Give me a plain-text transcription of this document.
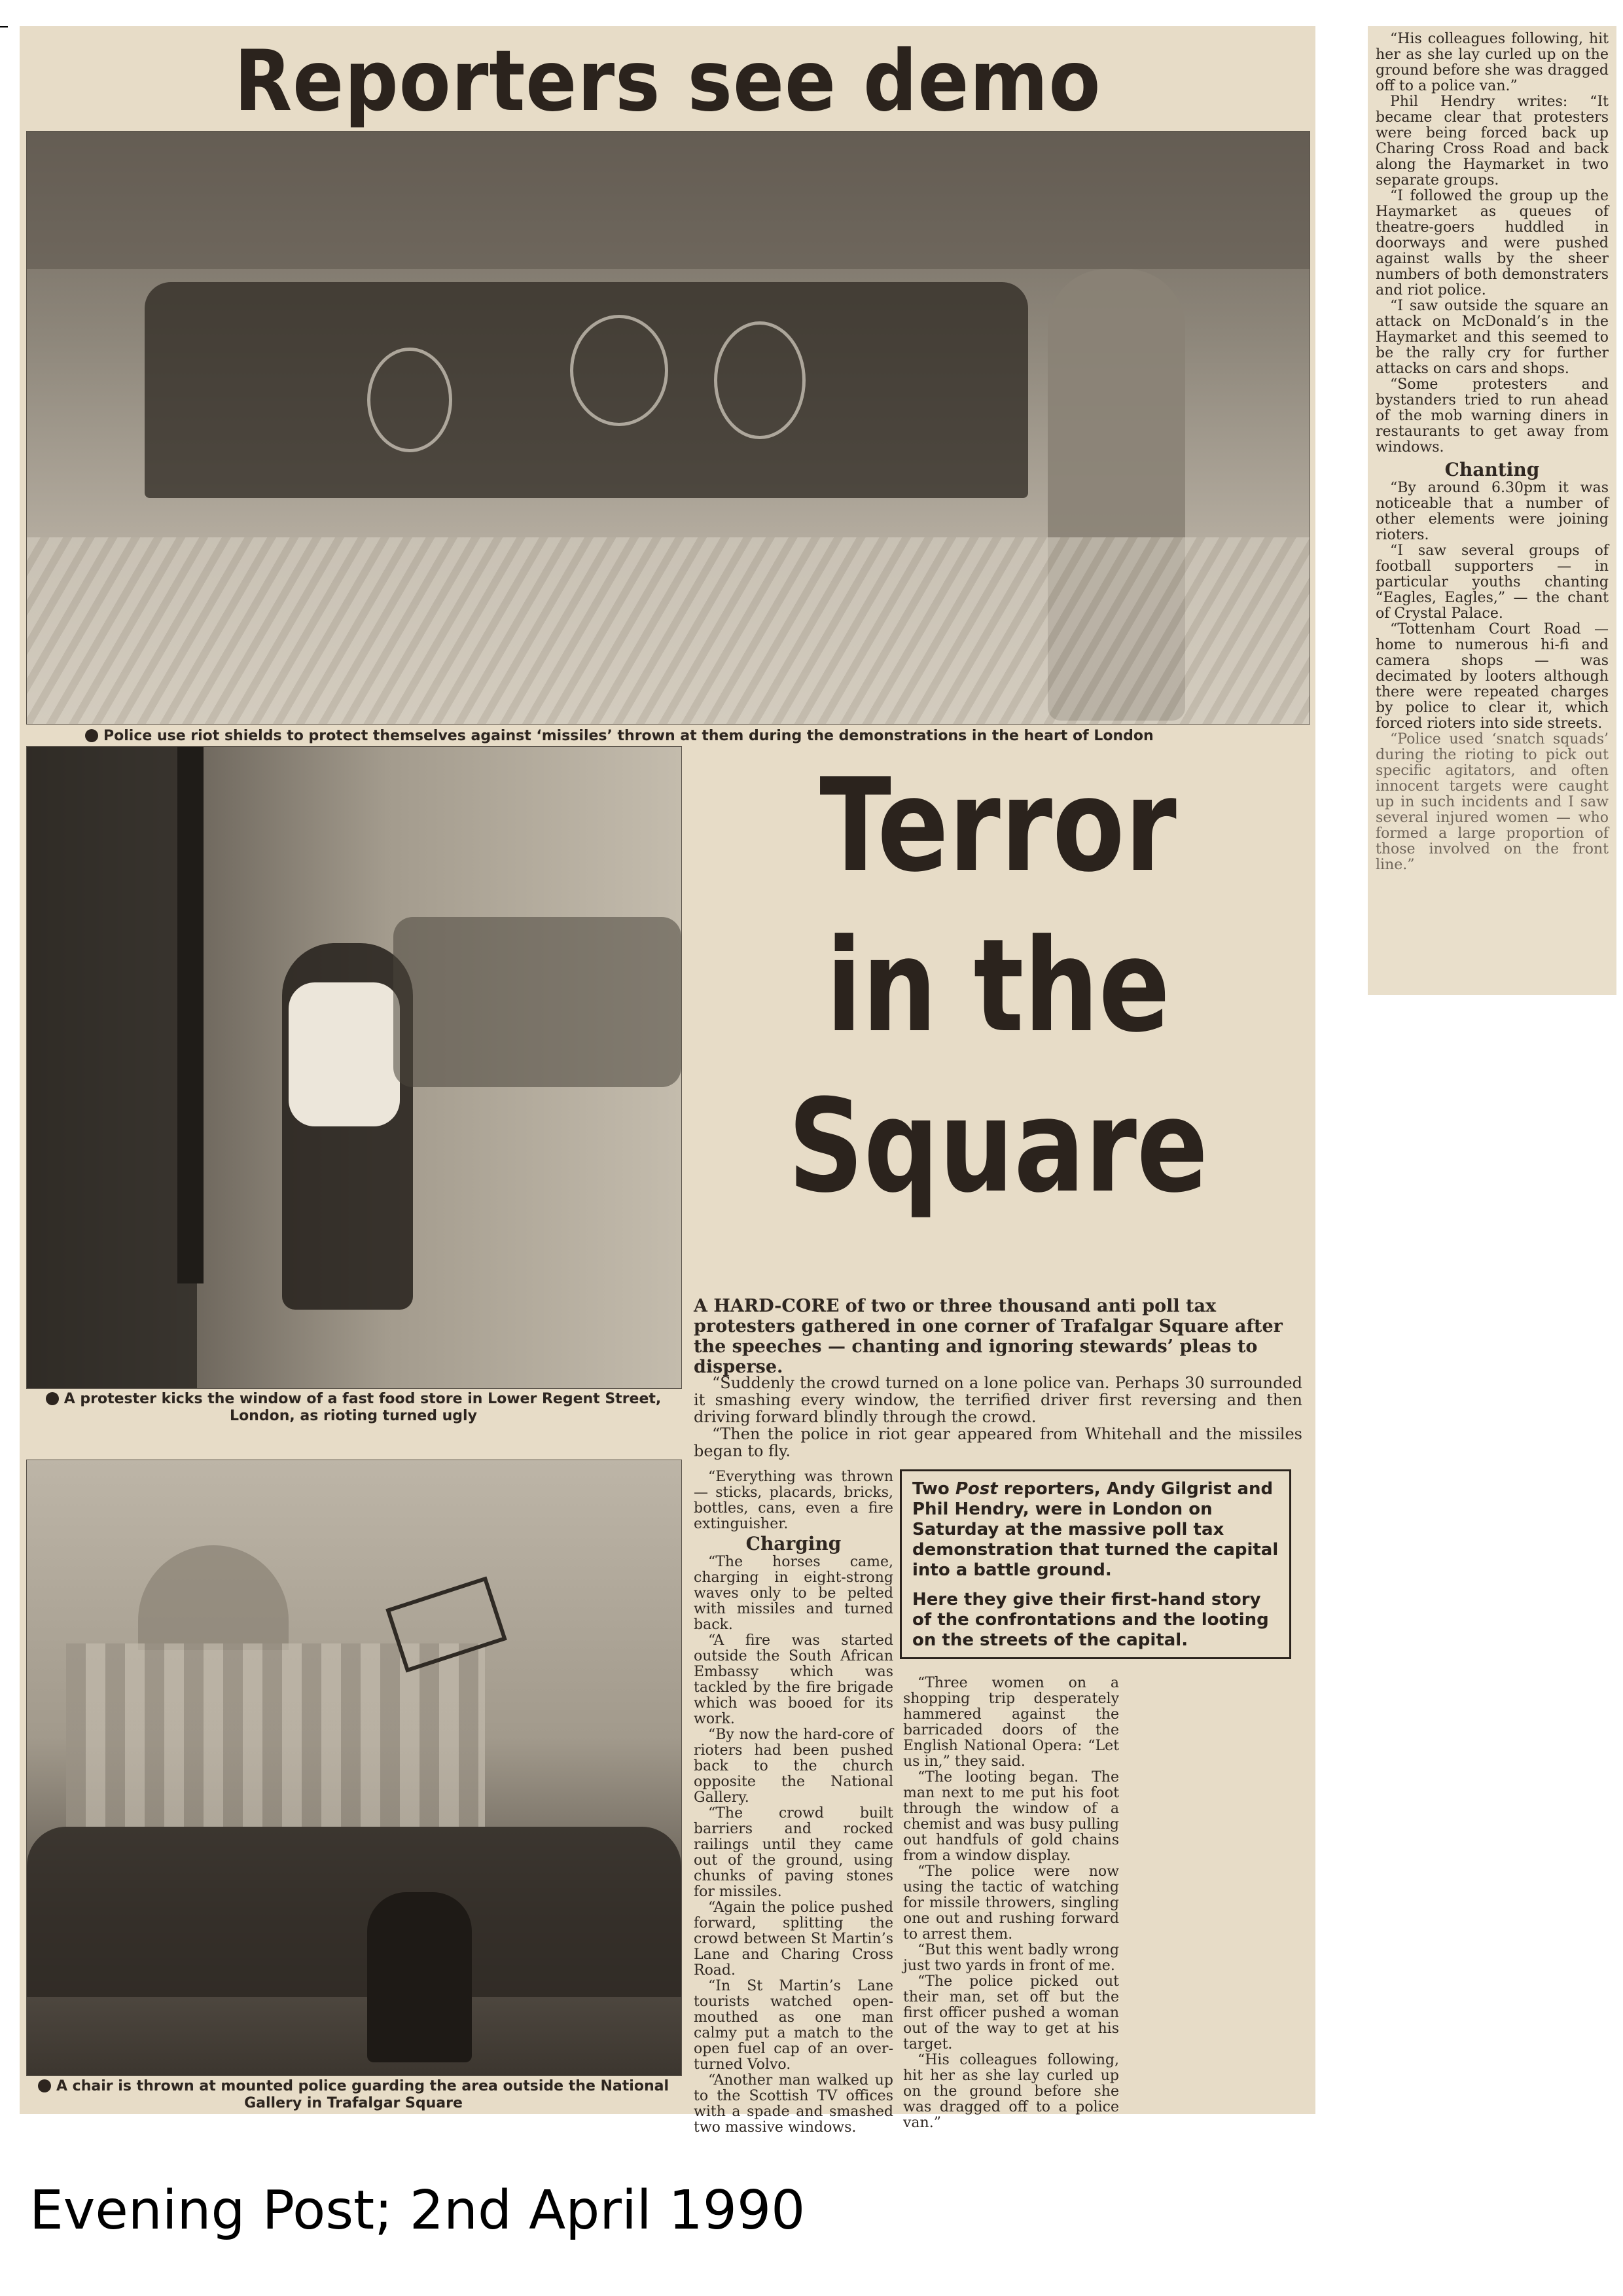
Reporters see demo
Police use riot shields to protect themselves against ‘missiles’ thrown at them during the demonstrations in the heart of London
A protester kicks the window of a fast food store in Lower Regent Street, London, as rioting turned ugly
A chair is thrown at mounted police guarding the area outside the National Gallery in Trafalgar Square
Terror
in the
Square
A HARD-CORE of two or three thousand anti poll tax protesters gathered in one corner of Trafalgar Square after the speeches — chanting and ignoring stewards’ pleas to disperse.

“Suddenly the crowd turned on a lone police van. Perhaps 30 surrounded it smashing every window, the terrified driver first reversing and then driving forward blindly through the crowd.

“Then the police in riot gear appeared from Whitehall and the missiles began to fly.

“Everything was thrown — sticks, placards, bricks, bottles, cans, even a fire extinguisher.

Charging

“The horses came, charging in eight-strong waves only to be pelted with missiles and turned back.

“A fire was started outside the South African Embassy which was tackled by the fire brigade which was booed for its work.

“By now the hard-core of rioters had been pushed back to the church opposite the National Gallery.

“The crowd built barriers and rocked railings until they came out of the ground, using chunks of paving stones for missiles.

“Again the police pushed forward, splitting the crowd between St Martin’s Lane and Charing Cross Road.

“In St Martin’s Lane tourists watched open-mouthed as one man calmy put a match to the open fuel cap of an over-turned Volvo.

“Another man walked up to the Scottish TV offices with a spade and smashed two massive windows.

Two Post reporters, Andy Gilgrist and Phil Hendry, were in London on Saturday at the massive poll tax demonstration that turned the capital into a battle ground.

Here they give their first-hand story of the confrontations and the looting on the streets of the capital.

“Three women on a shopping trip desperately hammered against the barricaded doors of the English National Opera: “Let us in,” they said.

“The looting began. The man next to me put his foot through the window of a chemist and was busy pulling out handfuls of gold chains from a window display.

“The police were now using the tactic of watching for missile throwers, singling one out and rushing forward to arrest them.

“But this went badly wrong just two yards in front of me.

“The police picked out their man, set off but the first officer pushed a woman out of the way to get at his target.

“His colleagues following, hit her as she lay curled up on the ground before she was dragged off to a police van.”

“His colleagues following, hit her as she lay curled up on the ground before she was dragged off to a police van.”

Phil Hendry writes: “It became clear that protesters were being forced back up Charing Cross Road and back along the Haymarket in two separate groups.

“I followed the group up the Haymarket as queues of theatre-goers huddled in doorways and were pushed against walls by the sheer numbers of both demonstraters and riot police.

“I saw outside the square an attack on McDonald’s in the Haymarket and this seemed to be the rally cry for further attacks on cars and shops.

“Some protesters and bystanders tried to run ahead of the mob warning diners in restaurants to get away from windows.

Chanting

“By around 6.30pm it was noticeable that a number of other elements were joining rioters.

“I saw several groups of football supporters — in particular youths chanting “Eagles, Eagles,” — the chant of Crystal Palace.

“Tottenham Court Road — home to numerous hi-fi and camera shops — was decimated by looters although there were repeated charges by police to clear it, which forced rioters into side streets.

“Police used ‘snatch squads’ during the rioting to pick out specific agitators, and often innocent targets were caught up in such incidents and I saw several injured women — who formed a large proportion of those involved on the front line.”

Evening Post; 2nd April 1990
